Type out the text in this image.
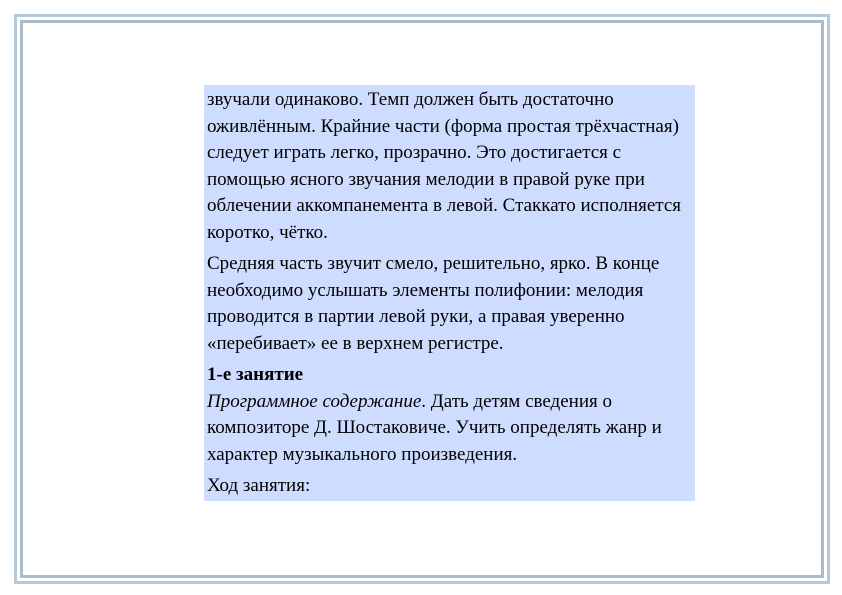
звучали одинаково. Темп должен быть достаточно оживлённым. Крайние части (форма простая трёхчастная) следует играть легко, прозрачно. Это достигается с помощью ясного звучания мелодии в правой руке при облечении аккомпанемента в левой. Стаккато исполняется коротко, чётко.

Средняя часть звучит смело, решительно, ярко. В конце необходимо услышать элементы полифонии: мелодия проводится в партии левой руки, а правая уверенно «перебивает» ее в верхнем регистре.

1-е занятие

Программное содержание. Дать детям сведения о композиторе Д. Шостаковиче. Учить определять жанр и характер музыкального произведения.

Ход занятия:
